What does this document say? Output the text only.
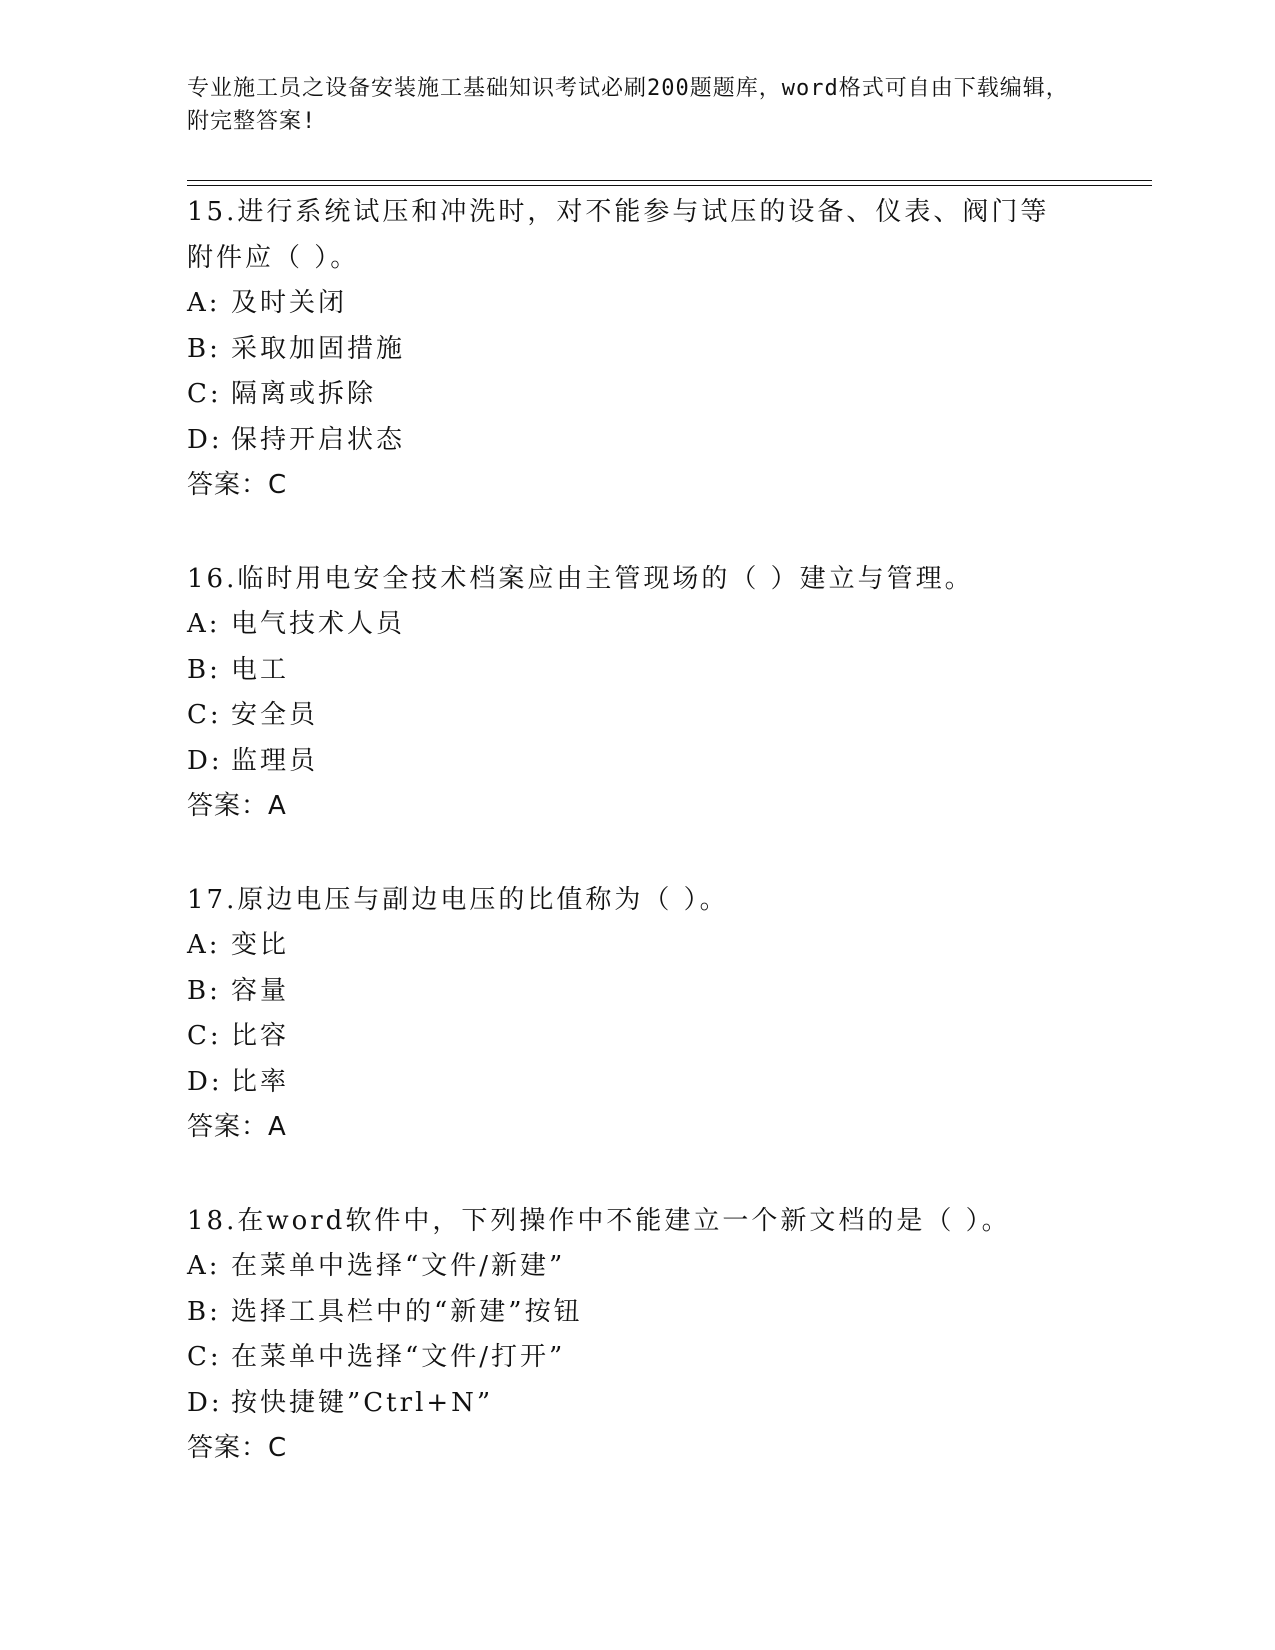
专业施工员之设备安装施工基础知识考试必刷200题题库，word格式可自由下载编辑，附完整答案!

15.进行系统试压和冲洗时，对不能参与试压的设备、仪表、阀门等附件应（ ）。

A: 及时关闭
B: 采取加固措施
C: 隔离或拆除
D: 保持开启状态
答案：C

16.临时用电安全技术档案应由主管现场的（ ）建立与管理。

A: 电气技术人员
B: 电工
C: 安全员
D: 监理员
答案：A

17.原边电压与副边电压的比值称为（ ）。

A: 变比
B: 容量
C: 比容
D: 比率
答案：A

18.在word软件中，下列操作中不能建立一个新文档的是（ ）。

A: 在菜单中选择“文件/新建”
B: 选择工具栏中的“新建”按钮
C: 在菜单中选择“文件/打开”
D: 按快捷键”Ctrl+N”
答案：C
